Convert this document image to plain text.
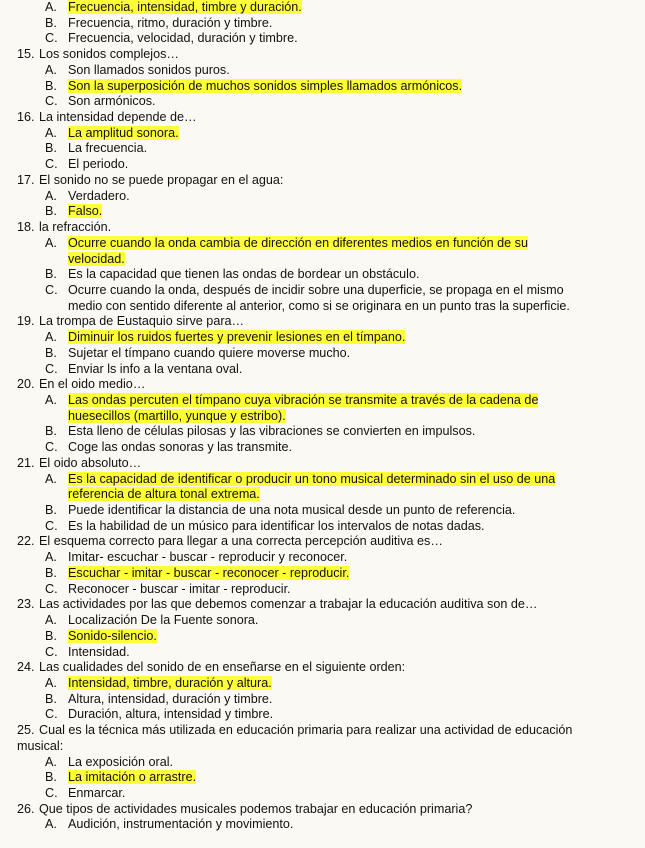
A. Frecuencia, intensidad, timbre y duración.
B. Frecuencia, ritmo, duración y timbre.
C. Frecuencia, velocidad, duración y timbre.
15. Los sonidos complejos…
A. Son llamados sonidos puros.
B. Son la superposición de muchos sonidos simples llamados armónicos.
C. Son armónicos.
16. La intensidad depende de…
A. La amplitud sonora.
B. La frecuencia.
C. El periodo.
17. El sonido no se puede propagar en el agua:
A. Verdadero.
B. Falso.
18. la refracción.
A. Ocurre cuando la onda cambia de dirección en diferentes medios en función de su
velocidad.
B. Es la capacidad que tienen las ondas de bordear un obstáculo.
C. Ocurre cuando la onda, después de incidir sobre una duperficie, se propaga en el mismo
medio con sentido diferente al anterior, como si se originara en un punto tras la superficie.
19. La trompa de Eustaquio sirve para…
A. Diminuir los ruidos fuertes y prevenir lesiones en el tímpano.
B. Sujetar el tímpano cuando quiere moverse mucho.
C. Enviar ls info a la ventana oval.
20. En el oido medio…
A. Las ondas percuten el tímpano cuya vibración se transmite a través de la cadena de
huesecillos (martillo, yunque y estribo).
B. Esta lleno de células pilosas y las vibraciones se convierten en impulsos.
C. Coge las ondas sonoras y las transmite.
21. El oido absoluto…
A. Es la capacidad de identificar o producir un tono musical determinado sin el uso de una
referencia de altura tonal extrema.
B. Puede identificar la distancia de una nota musical desde un punto de referencia.
C. Es la habilidad de un músico para identificar los intervalos de notas dadas.
22. El esquema correcto para llegar a una correcta percepción auditiva es…
A. Imitar- escuchar - buscar - reproducir y reconocer.
B. Escuchar - imitar - buscar - reconocer - reproducir.
C. Reconocer - buscar - imitar - reproducir.
23. Las actividades por las que debemos comenzar a trabajar la educación auditiva son de…
A. Localización De la Fuente sonora.
B. Sonido-silencio.
C. Intensidad.
24. Las cualidades del sonido de en enseñarse en el siguiente orden:
A. Intensidad, timbre, duración y altura.
B. Altura, intensidad, duración y timbre.
C. Duración, altura, intensidad y timbre.
25. Cual es la técnica más utilizada en educación primaria para realizar una actividad de educación
musical:
A. La exposición oral.
B. La imitación o arrastre.
C. Enmarcar.
26. Que tipos de actividades musicales podemos trabajar en educación primaria?
A. Audición, instrumentación y movimiento.
